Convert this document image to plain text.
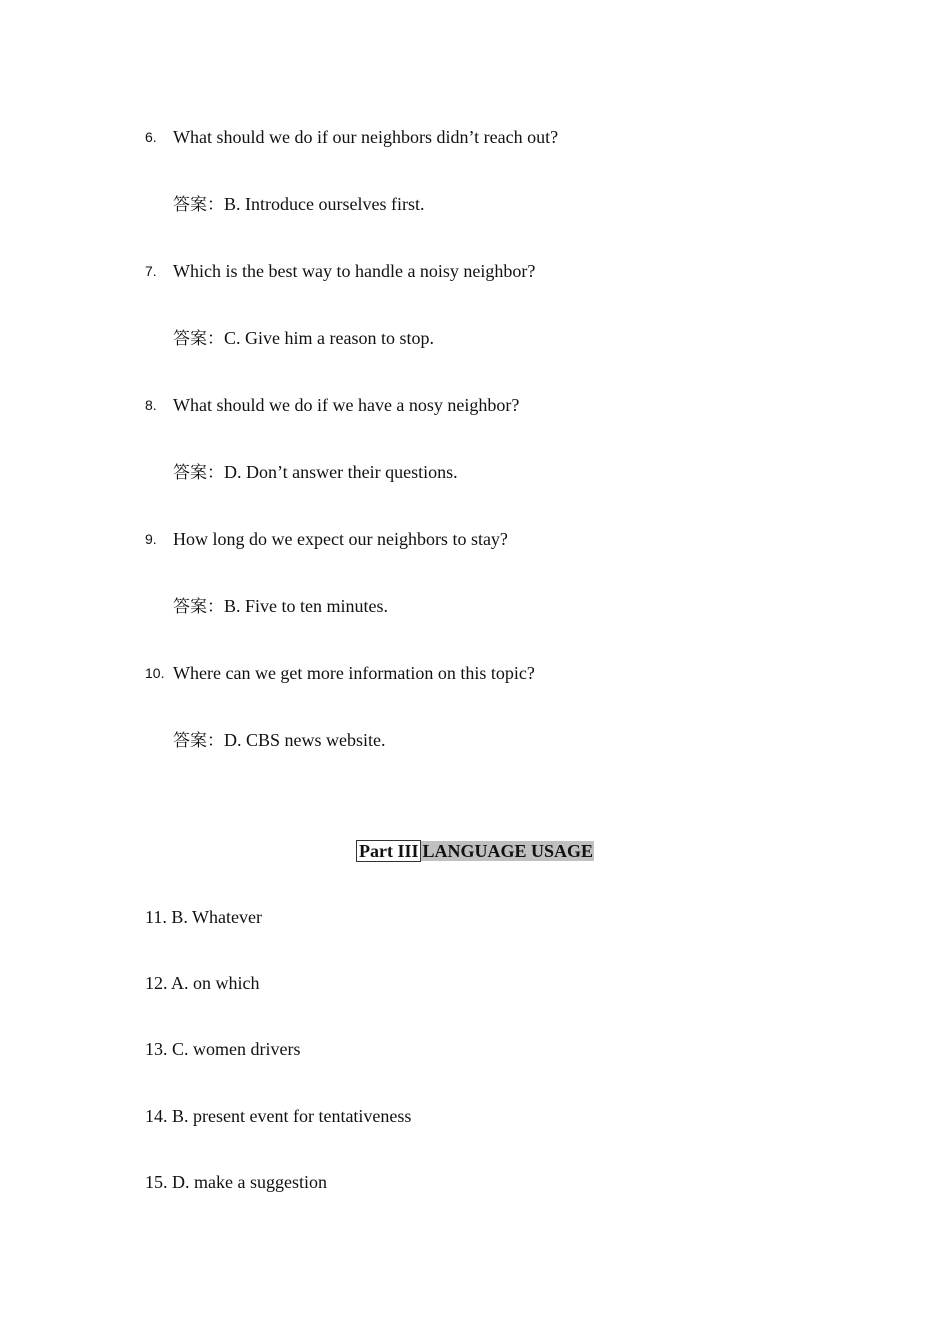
6. What should we do if our neighbors didn’t reach out?
答案：B. Introduce ourselves first.
7. Which is the best way to handle a noisy neighbor?
答案：C. Give him a reason to stop.
8. What should we do if we have a nosy neighbor?
答案：D. Don’t answer their questions.
9. How long do we expect our neighbors to stay?
答案：B. Five to ten minutes.
10. Where can we get more information on this topic?
答案：D. CBS news website.
Part III LANGUAGE USAGE
11. B. Whatever
12. A. on which
13. C. women drivers
14. B. present event for tentativeness
15. D. make a suggestion
